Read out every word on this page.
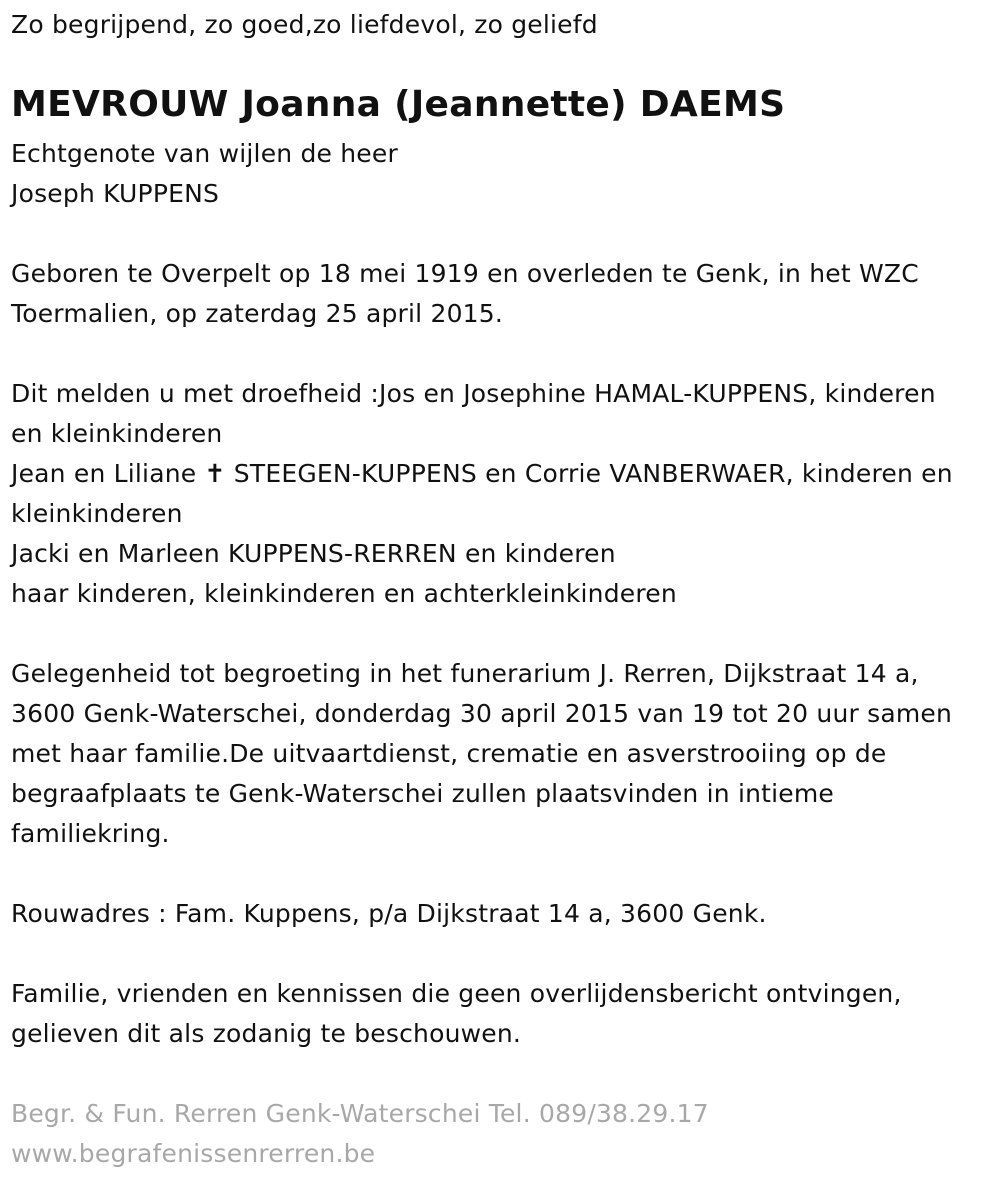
Zo begrijpend, zo goed,zo liefdevol, zo geliefd
MEVROUW Joanna (Jeannette) DAEMS
Echtgenote van wijlen de heer
Joseph KUPPENS
Geboren te Overpelt op 18 mei 1919 en overleden te Genk, in het WZC
Toermalien, op zaterdag 25 april 2015.
Dit melden u met droefheid :Jos en Josephine HAMAL-KUPPENS, kinderen
en kleinkinderen
Jean en Liliane ✝ STEEGEN-KUPPENS en Corrie VANBERWAER, kinderen en
kleinkinderen
Jacki en Marleen KUPPENS-RERREN en kinderen
haar kinderen, kleinkinderen en achterkleinkinderen
Gelegenheid tot begroeting in het funerarium J. Rerren, Dijkstraat 14 a,
3600 Genk-Waterschei, donderdag 30 april 2015 van 19 tot 20 uur samen
met haar familie.De uitvaartdienst, crematie en asverstrooiing op de
begraafplaats te Genk-Waterschei zullen plaatsvinden in intieme
familiekring.
Rouwadres : Fam. Kuppens, p/a Dijkstraat 14 a, 3600 Genk.
Familie, vrienden en kennissen die geen overlijdensbericht ontvingen,
gelieven dit als zodanig te beschouwen.
Begr. & Fun. Rerren Genk-Waterschei Tel. 089/38.29.17
www.begrafenissenrerren.be
